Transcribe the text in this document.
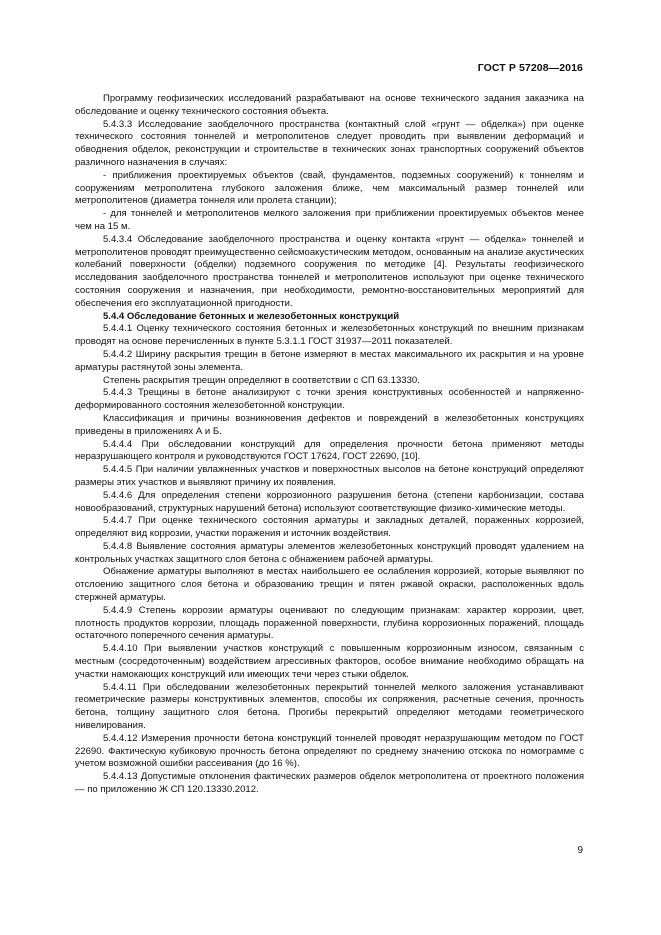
ГОСТ Р 57208—2016

Программу геофизических исследований разрабатывают на основе технического задания заказчика на обследование и оценку технического состояния объекта.

5.4.3.3 Исследование заобделочного пространства (контактный слой «грунт — обделка») при оценке технического состояния тоннелей и метрополитенов следует проводить при выявлении деформаций и обводнения обделок, реконструкции и строительстве в технических зонах транспортных сооружений объектов различного назначения в случаях:

- приближения проектируемых объектов (свай, фундаментов, подземных сооружений) к тоннелям и сооружениям метрополитена глубокого заложения ближе, чем максимальный размер тоннелей или метрополитенов (диаметра тоннеля или пролета станции);

- для тоннелей и метрополитенов мелкого заложения при приближении проектируемых объектов менее чем на 15 м.

5.4.3.4 Обследование заобделочного пространства и оценку контакта «грунт — обделка» тоннелей и метрополитенов проводят преимущественно сейсмоакустическим методом, основанным на анализе акустических колебаний поверхности (обделки) подземного сооружения по методике [4]. Результаты геофизического исследования заобделочного пространства тоннелей и метрополитенов используют при оценке технического состояния сооружения и назначения, при необходимости, ремонтно-восстановительных мероприятий для обеспечения его эксплуатационной пригодности.

5.4.4 Обследование бетонных и железобетонных конструкций

5.4.4.1 Оценку технического состояния бетонных и железобетонных конструкций по внешним признакам проводят на основе перечисленных в пункте 5.3.1.1 ГОСТ 31937—2011 показателей.

5.4.4.2 Ширину раскрытия трещин в бетоне измеряют в местах максимального их раскрытия и на уровне арматуры растянутой зоны элемента.

Степень раскрытия трещин определяют в соответствии с СП 63.13330.

5.4.4.3 Трещины в бетоне анализируют с точки зрения конструктивных особенностей и напряженно-деформированного состояния железобетонной конструкции.

Классификация и причины возникновения дефектов и повреждений в железобетонных конструкциях приведены в приложениях А и Б.

5.4.4.4 При обследовании конструкций для определения прочности бетона применяют методы неразрушающего контроля и руководствуются ГОСТ 17624, ГОСТ 22690, [10].

5.4.4.5 При наличии увлажненных участков и поверхностных высолов на бетоне конструкций определяют размеры этих участков и выявляют причину их появления.

5.4.4.6 Для определения степени коррозионного разрушения бетона (степени карбонизации, состава новообразований, структурных нарушений бетона) используют соответствующие физико-химические методы.

5.4.4.7 При оценке технического состояния арматуры и закладных деталей, пораженных коррозией, определяют вид коррозии, участки поражения и источник воздействия.

5.4.4.8 Выявление состояния арматуры элементов железобетонных конструкций проводят удалением на контрольных участках защитного слоя бетона с обнажением рабочей арматуры.

Обнажение арматуры выполняют в местах наибольшего ее ослабления коррозией, которые выявляют по отслоению защитного слоя бетона и образованию трещин и пятен ржавой окраски, расположенных вдоль стержней арматуры.

5.4.4.9 Степень коррозии арматуры оценивают по следующим признакам: характер коррозии, цвет, плотность продуктов коррозии, площадь пораженной поверхности, глубина коррозионных поражений, площадь остаточного поперечного сечения арматуры.

5.4.4.10 При выявлении участков конструкций с повышенным коррозионным износом, связанным с местным (сосредоточенным) воздействием агрессивных факторов, особое внимание необходимо обращать на участки намокающих конструкций или имеющих течи через стыки обделок.

5.4.4.11 При обследовании железобетонных перекрытий тоннелей мелкого заложения устанавливают геометрические размеры конструктивных элементов, способы их сопряжения, расчетные сечения, прочность бетона, толщину защитного слоя бетона. Прогибы перекрытий определяют методами геометрического нивелирования.

5.4.4.12 Измерения прочности бетона конструкций тоннелей проводят неразрушающим методом по ГОСТ 22690. Фактическую кубиковую прочность бетона определяют по среднему значению отскока по номограмме с учетом возможной ошибки рассеивания (до 16 %).

5.4.4.13 Допустимые отклонения фактических размеров обделок метрополитена от проектного положения — по приложению Ж СП 120.13330.2012.

9
